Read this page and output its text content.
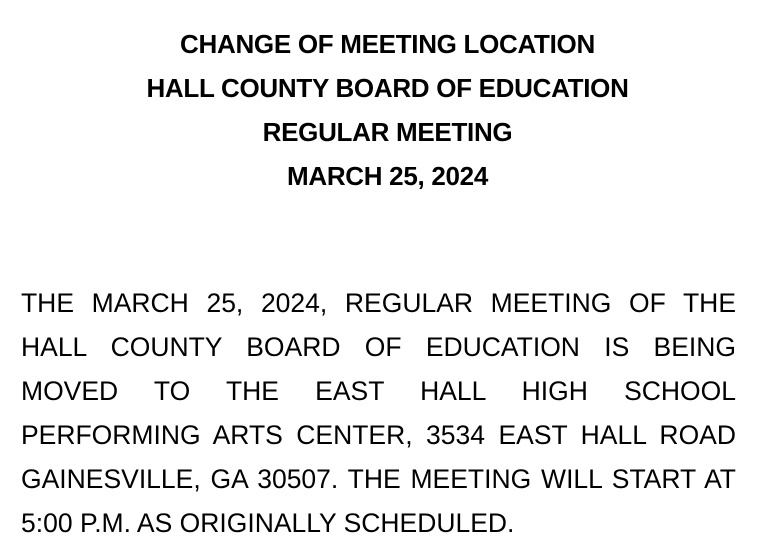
CHANGE OF MEETING LOCATION
HALL COUNTY BOARD OF EDUCATION
REGULAR MEETING
MARCH 25, 2024

THE MARCH 25, 2024, REGULAR MEETING OF THE HALL COUNTY BOARD OF EDUCATION IS BEING MOVED TO THE EAST HALL HIGH SCHOOL PERFORMING ARTS CENTER, 3534 EAST HALL ROAD GAINESVILLE, GA 30507. THE MEETING WILL START AT 5:00 P.M. AS ORIGINALLY SCHEDULED.
